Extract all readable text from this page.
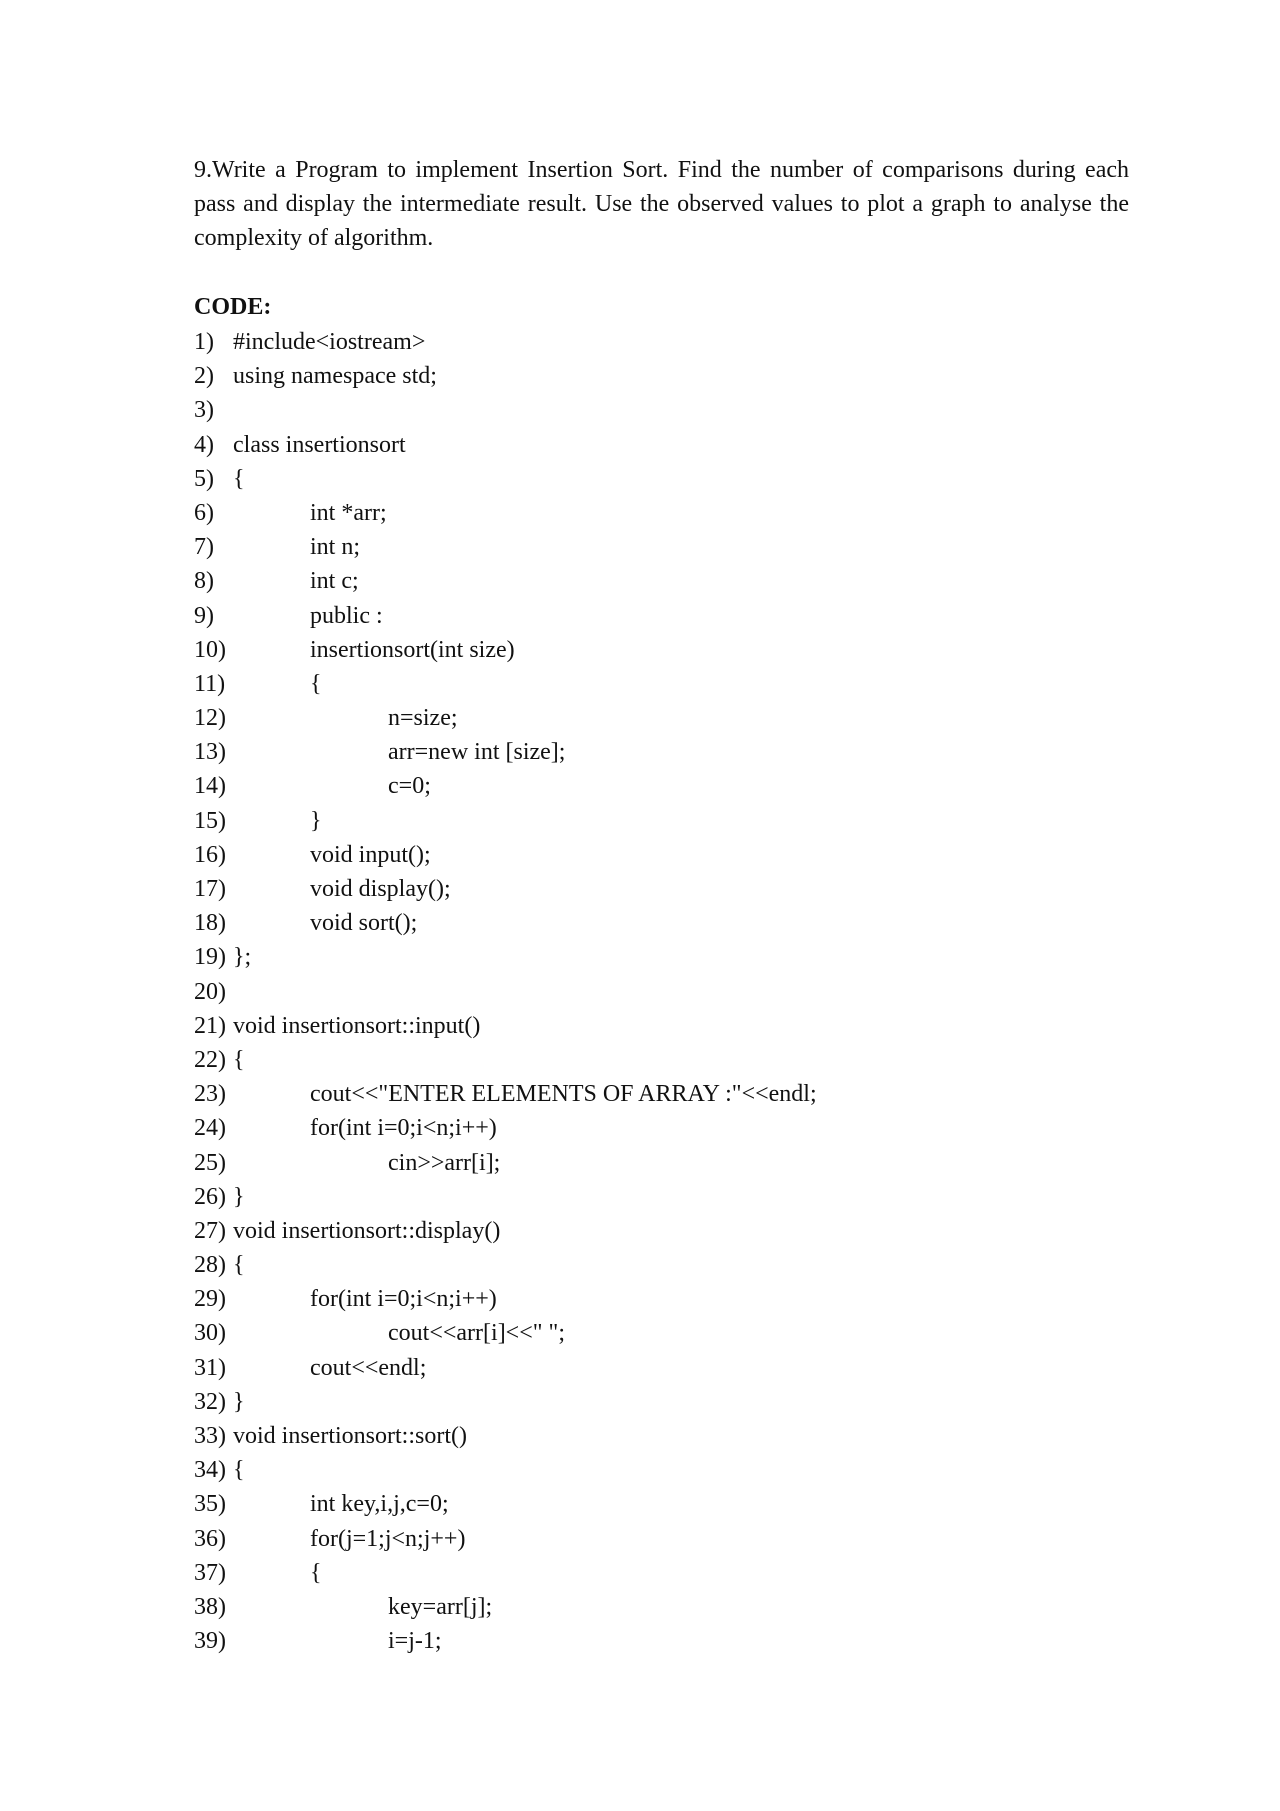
9.Write a Program to implement Insertion Sort. Find the number of comparisons during each pass and display the intermediate result. Use the observed values to plot a graph to analyse the complexity of algorithm.
CODE:
1) #include<iostream>
2) using namespace std;
3)
4) class insertionsort
5) {
6)	int *arr;
7)	int n;
8)	int c;
9)	public :
10)	insertionsort(int size)
11)	{
12)	n=size;
13)	arr=new int [size];
14)	c=0;
15)	}
16)	void input();
17)	void display();
18)	void sort();
19) };
20)
21) void insertionsort::input()
22) {
23)	cout<<"ENTER ELEMENTS OF ARRAY :"<<endl;
24)	for(int i=0;i<n;i++)
25)	cin>>arr[i];
26) }
27) void insertionsort::display()
28) {
29)	for(int i=0;i<n;i++)
30)	cout<<arr[i]<<" ";
31)	cout<<endl;
32) }
33) void insertionsort::sort()
34) {
35)	int key,i,j,c=0;
36)	for(j=1;j<n;j++)
37)	{
38)	key=arr[j];
39)	i=j-1;
